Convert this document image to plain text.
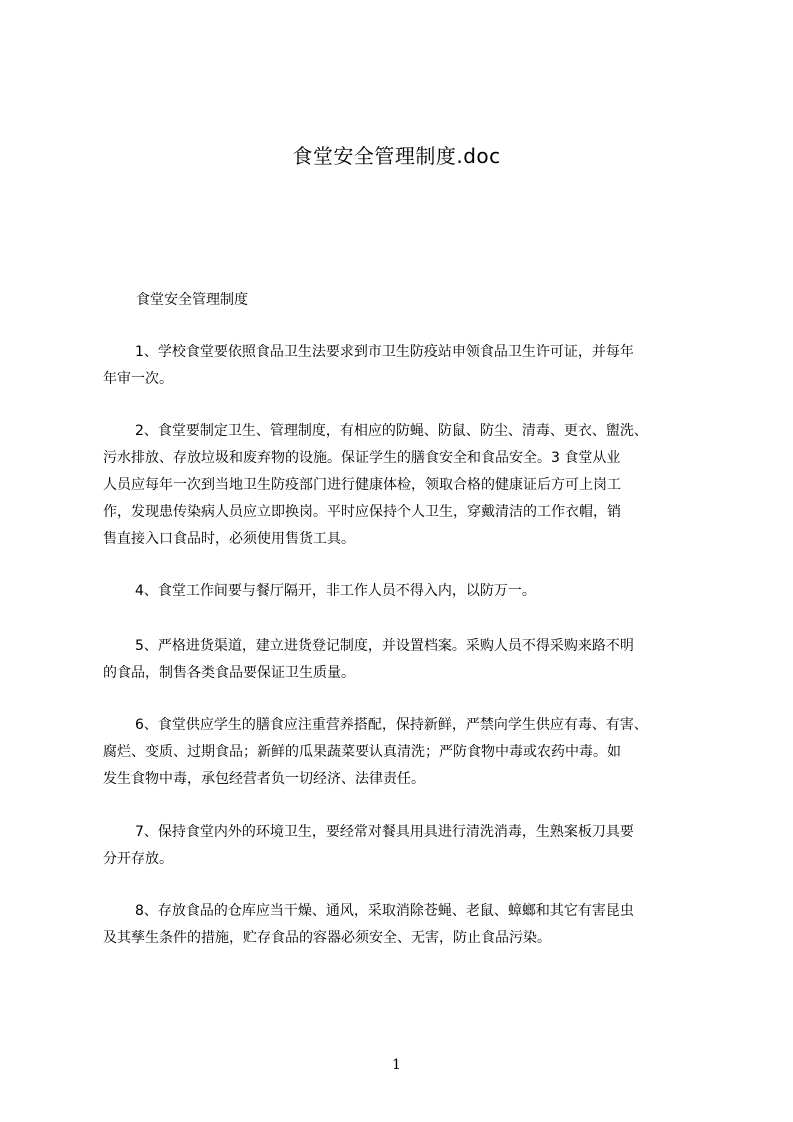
食堂安全管理制度.doc
食堂安全管理制度
1、学校食堂要依照食品卫生法要求到市卫生防疫站申领食品卫生许可证，并每年
年审一次。
2、食堂要制定卫生、管理制度，有相应的防蝇、防鼠、防尘、清毒、更衣、盥洗、
污水排放、存放垃圾和废弃物的设施。保证学生的膳食安全和食品安全。3 食堂从业
人员应每年一次到当地卫生防疫部门进行健康体检，领取合格的健康证后方可上岗工
作，发现患传染病人员应立即换岗。平时应保持个人卫生，穿戴清洁的工作衣帽，销
售直接入口食品时，必须使用售货工具。
4、食堂工作间要与餐厅隔开，非工作人员不得入内，以防万一。
5、严格进货渠道，建立进货登记制度，并设置档案。采购人员不得采购来路不明
的食品，制售各类食品要保证卫生质量。
6、食堂供应学生的膳食应注重营养搭配，保持新鲜，严禁向学生供应有毒、有害、
腐烂、变质、过期食品；新鲜的瓜果蔬菜要认真清洗；严防食物中毒或农药中毒。如
发生食物中毒，承包经营者负一切经济、法律责任。
7、保持食堂内外的环境卫生，要经常对餐具用具进行清洗消毒，生熟案板刀具要
分开存放。
8、存放食品的仓库应当干燥、通风，采取消除苍蝇、老鼠、蟑螂和其它有害昆虫
及其孳生条件的措施，贮存食品的容器必须安全、无害，防止食品污染。
1
